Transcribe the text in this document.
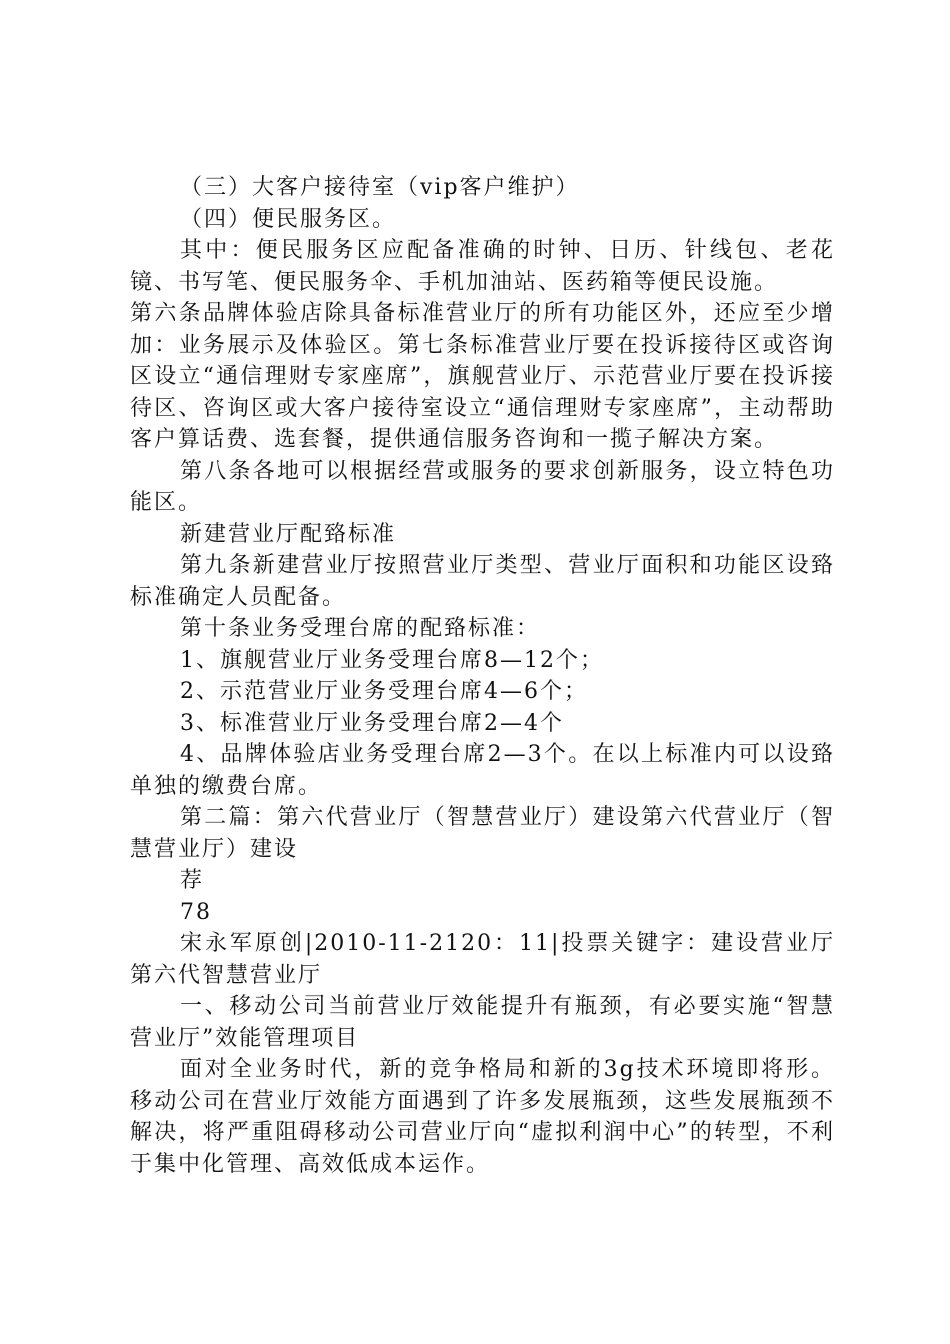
（三）大客户接待室（vip客户维护）

（四）便民服务区。

其中：便民服务区应配备准确的时钟、日历、针线包、老花镜、书写笔、便民服务伞、手机加油站、医药箱等便民设施。

第六条品牌体验店除具备标准营业厅的所有功能区外，还应至少增加：业务展示及体验区。第七条标准营业厅要在投诉接待区或咨询区设立“通信理财专家座席”，旗舰营业厅、示范营业厅要在投诉接待区、咨询区或大客户接待室设立“通信理财专家座席”，主动帮助客户算话费、选套餐，提供通信服务咨询和一揽子解决方案。

第八条各地可以根据经营或服务的要求创新服务，设立特色功能区。

新建营业厅配臵标准

第九条新建营业厅按照营业厅类型、营业厅面积和功能区设臵标准确定人员配备。

第十条业务受理台席的配臵标准：

1、旗舰营业厅业务受理台席8—12个；

2、示范营业厅业务受理台席4—6个；

3、标准营业厅业务受理台席2—4个

4、品牌体验店业务受理台席2—3个。在以上标准内可以设臵单独的缴费台席。

第二篇：第六代营业厅（智慧营业厅）建设第六代营业厅（智慧营业厅）建设

荐

78

宋永军原创|2010-11-2120：11|投票关键字：建设营业厅第六代智慧营业厅

一、移动公司当前营业厅效能提升有瓶颈，有必要实施“智慧营业厅”效能管理项目

面对全业务时代，新的竞争格局和新的3g技术环境即将形。移动公司在营业厅效能方面遇到了许多发展瓶颈，这些发展瓶颈不解决，将严重阻碍移动公司营业厅向“虚拟利润中心”的转型，不利于集中化管理、高效低成本运作。
